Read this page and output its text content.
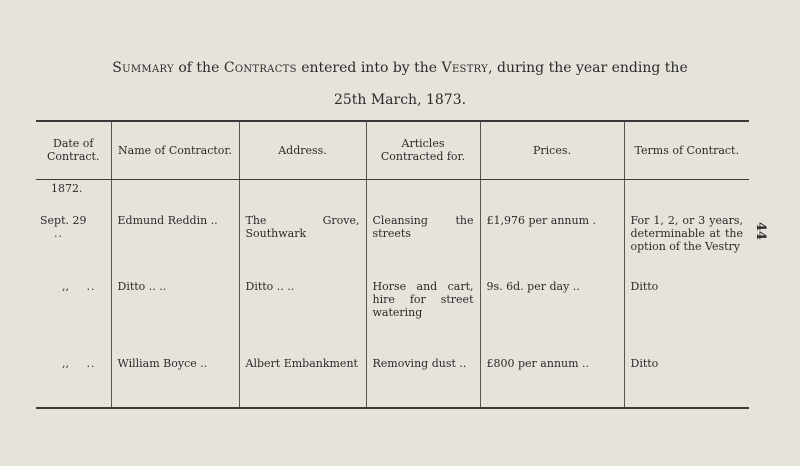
Summary of the Contracts entered into by the Vestry, during the year ending the
25th March, 1873.
44
Date of Contract.	Name of Contractor.	Address.	Articles Contracted for.	Prices.	Terms of Contract.
1872.					
Sept. 29 ..	Edmund Reddin ..	The Grove, Southwark	Cleansing the streets	£1,976 per annum .	For 1, 2, or 3 years, determinable at the option of the Vestry
,, ..	Ditto .. ..	Ditto .. ..	Horse and cart, hire for street watering	9s. 6d. per day ..	Ditto
,, ..	William Boyce ..	Albert Embankment	Removing dust ..	£800 per annum ..	Ditto
